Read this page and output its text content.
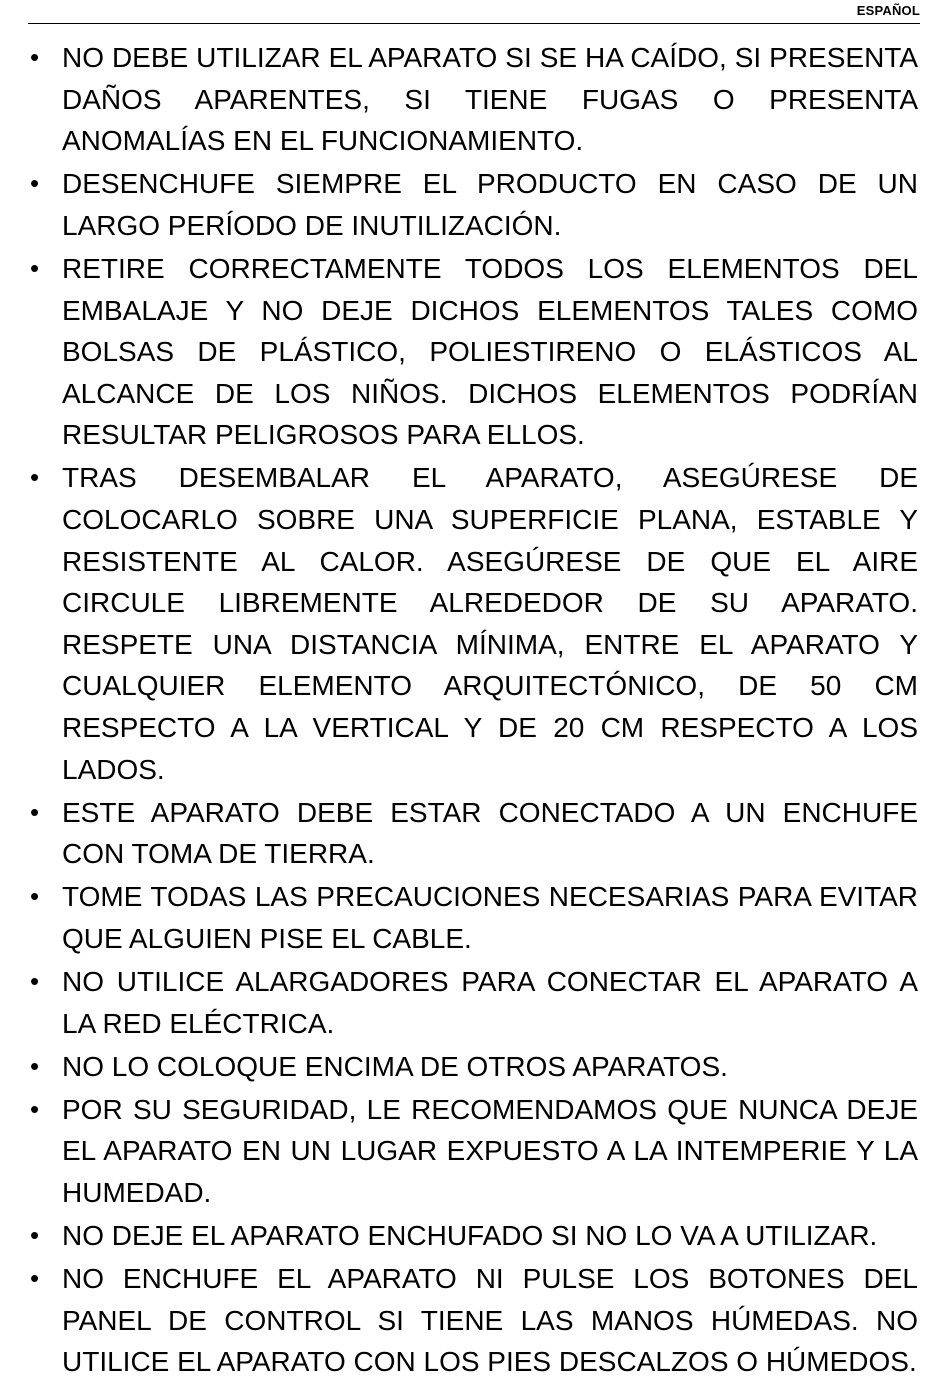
ESPAÑOL
• NO DEBE UTILIZAR EL APARATO SI SE HA CAÍDO, SI PRESENTA DAÑOS APARENTES, SI TIENE FUGAS O PRESENTA ANOMALÍAS EN EL FUNCIONAMIENTO.
• DESENCHUFE SIEMPRE EL PRODUCTO EN CASO DE UN LARGO PERÍODO DE INUTILIZACIÓN.
• RETIRE CORRECTAMENTE TODOS LOS ELEMENTOS DEL EMBALAJE Y NO DEJE DICHOS ELEMENTOS TALES COMO BOLSAS DE PLÁSTICO, POLIESTIRENO O ELÁSTICOS AL ALCANCE DE LOS NIÑOS. DICHOS ELEMENTOS PODRÍAN RESULTAR PELIGROSOS PARA ELLOS.
• TRAS DESEMBALAR EL APARATO, ASEGÚRESE DE COLOCARLO SOBRE UNA SUPERFICIE PLANA, ESTABLE Y RESISTENTE AL CALOR. ASEGÚRESE DE QUE EL AIRE CIRCULE LIBREMENTE ALREDEDOR DE SU APARATO. RESPETE UNA DISTANCIA MÍNIMA, ENTRE EL APARATO Y CUALQUIER ELEMENTO ARQUITECTÓNICO, DE 50 CM RESPECTO A LA VERTICAL Y DE 20 CM RESPECTO A LOS LADOS.
• ESTE APARATO DEBE ESTAR CONECTADO A UN ENCHUFE CON TOMA DE TIERRA.
• TOME TODAS LAS PRECAUCIONES NECESARIAS PARA EVITAR QUE ALGUIEN PISE EL CABLE.
• NO UTILICE ALARGADORES PARA CONECTAR EL APARATO A LA RED ELÉCTRICA.
• NO LO COLOQUE ENCIMA DE OTROS APARATOS.
• POR SU SEGURIDAD, LE RECOMENDAMOS QUE NUNCA DEJE EL APARATO EN UN LUGAR EXPUESTO A LA INTEMPERIE Y LA HUMEDAD.
• NO DEJE EL APARATO ENCHUFADO SI NO LO VA A UTILIZAR.
• NO ENCHUFE EL APARATO NI PULSE LOS BOTONES DEL PANEL DE CONTROL SI TIENE LAS MANOS HÚMEDAS. NO UTILICE EL APARATO CON LOS PIES DESCALZOS O HÚMEDOS.
